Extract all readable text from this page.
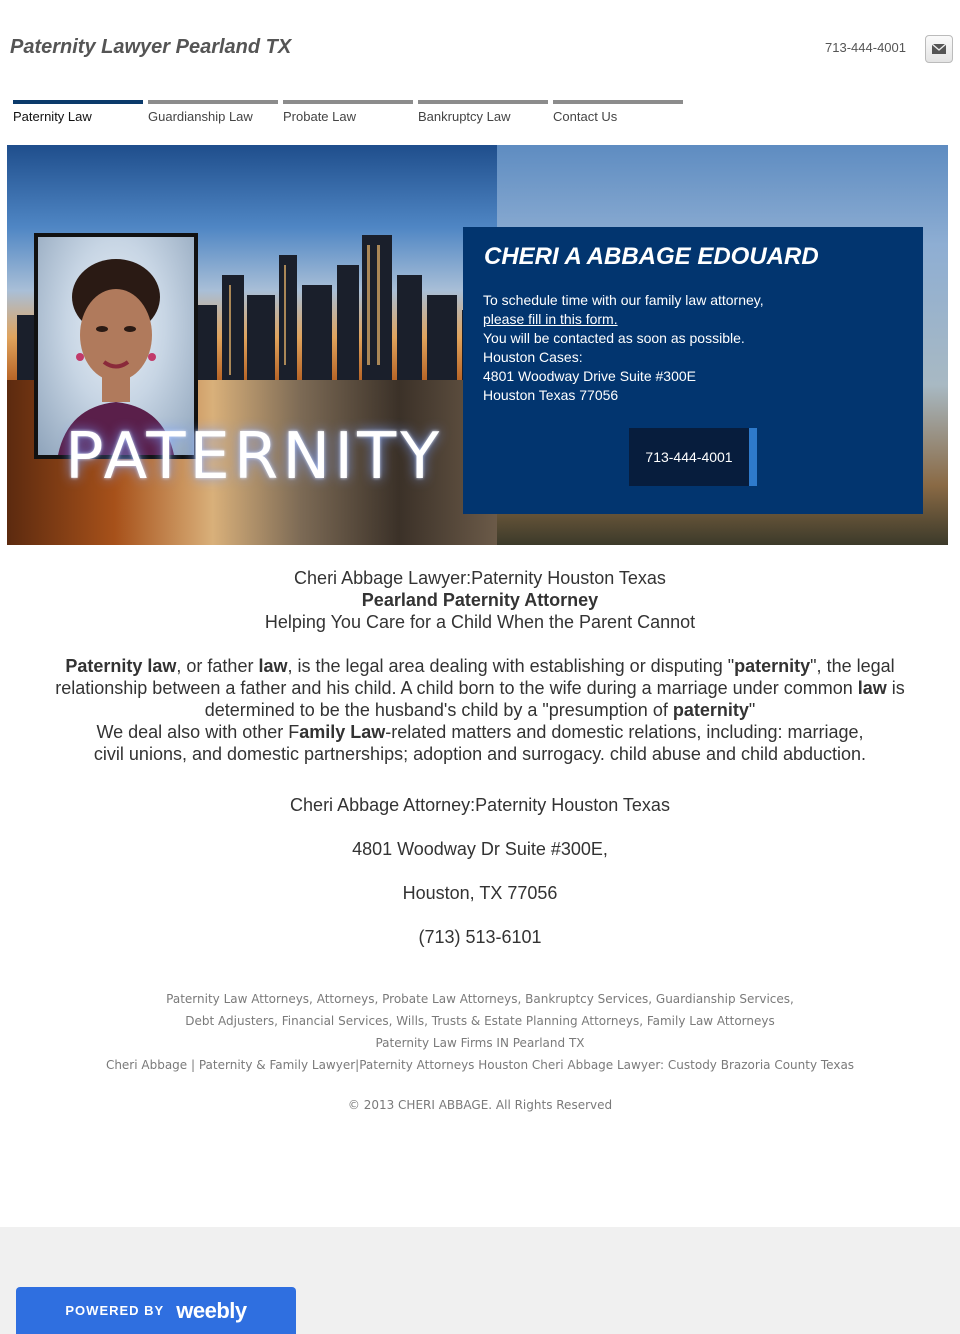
Paternity Lawyer Pearland TX	713-444-4001
Paternity Law	Guardianship Law	Probate Law	Bankruptcy Law	Contact Us
PATERNITY
CHERI A ABBAGE EDOUARD
To schedule time with our family law attorney,
please fill in this form.
You will be contacted as soon as possible.
Houston Cases:
4801 Woodway Drive Suite #300E
Houston Texas 77056
713-444-4001

Cheri Abbage Lawyer:Paternity Houston Texas

Pearland Paternity Attorney

Helping You Care for a Child When the Parent Cannot

Paternity law, or father law, is the legal area dealing with establishing or disputing "paternity", the legal relationship between a father and his child. A child born to the wife during a marriage under common law is determined to be the husband's child by a "presumption of paternity"

We deal also with other Family Law-related matters and domestic relations, including: marriage,

civil unions, and domestic partnerships; adoption and surrogacy. child abuse and child abduction.

Cheri Abbage Attorney:Paternity Houston Texas

4801 Woodway Dr Suite #300E,

Houston, TX 77056

(713) 513-6101

Paternity Law Attorneys, Attorneys, Probate Law Attorneys, Bankruptcy Services, Guardianship Services,
Debt Adjusters, Financial Services, Wills, Trusts & Estate Planning Attorneys, Family Law Attorneys
Paternity Law Firms IN Pearland TX
Cheri Abbage | Paternity & Family Lawyer|Paternity Attorneys Houston Cheri Abbage Lawyer: Custody Brazoria County Texas
© 2013 CHERI ABBAGE. All Rights Reserved
POWERED BY weebly
